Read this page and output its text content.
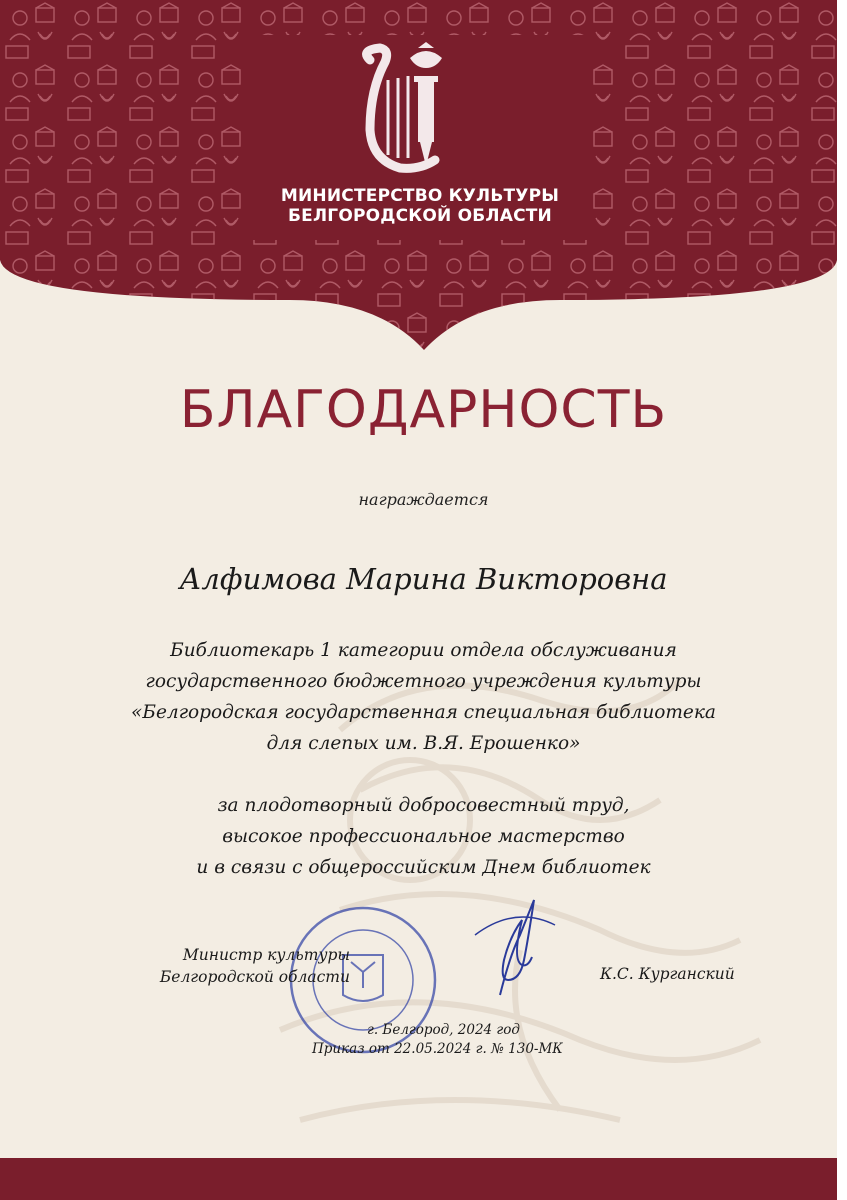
МИНИСТЕРСТВО КУЛЬТУРЫ
БЕЛГОРОДСКОЙ ОБЛАСТИ
БЛАГОДАРНОСТЬ
награждается
Алфимова Марина Викторовна
Библиотекарь 1 категории отдела обслуживания
государственного бюджетного учреждения культуры
«Белгородская государственная специальная библиотека
для слепых им. В.Я. Ерошенко»
за плодотворный добросовестный труд,
высокое профессиональное мастерство
и в связи с общероссийским Днем библиотек
Министр культуры
Белгородской области	К.С. Курганский
г. Белгород, 2024 год
Приказ от 22.05.2024 г. № 130-МК
